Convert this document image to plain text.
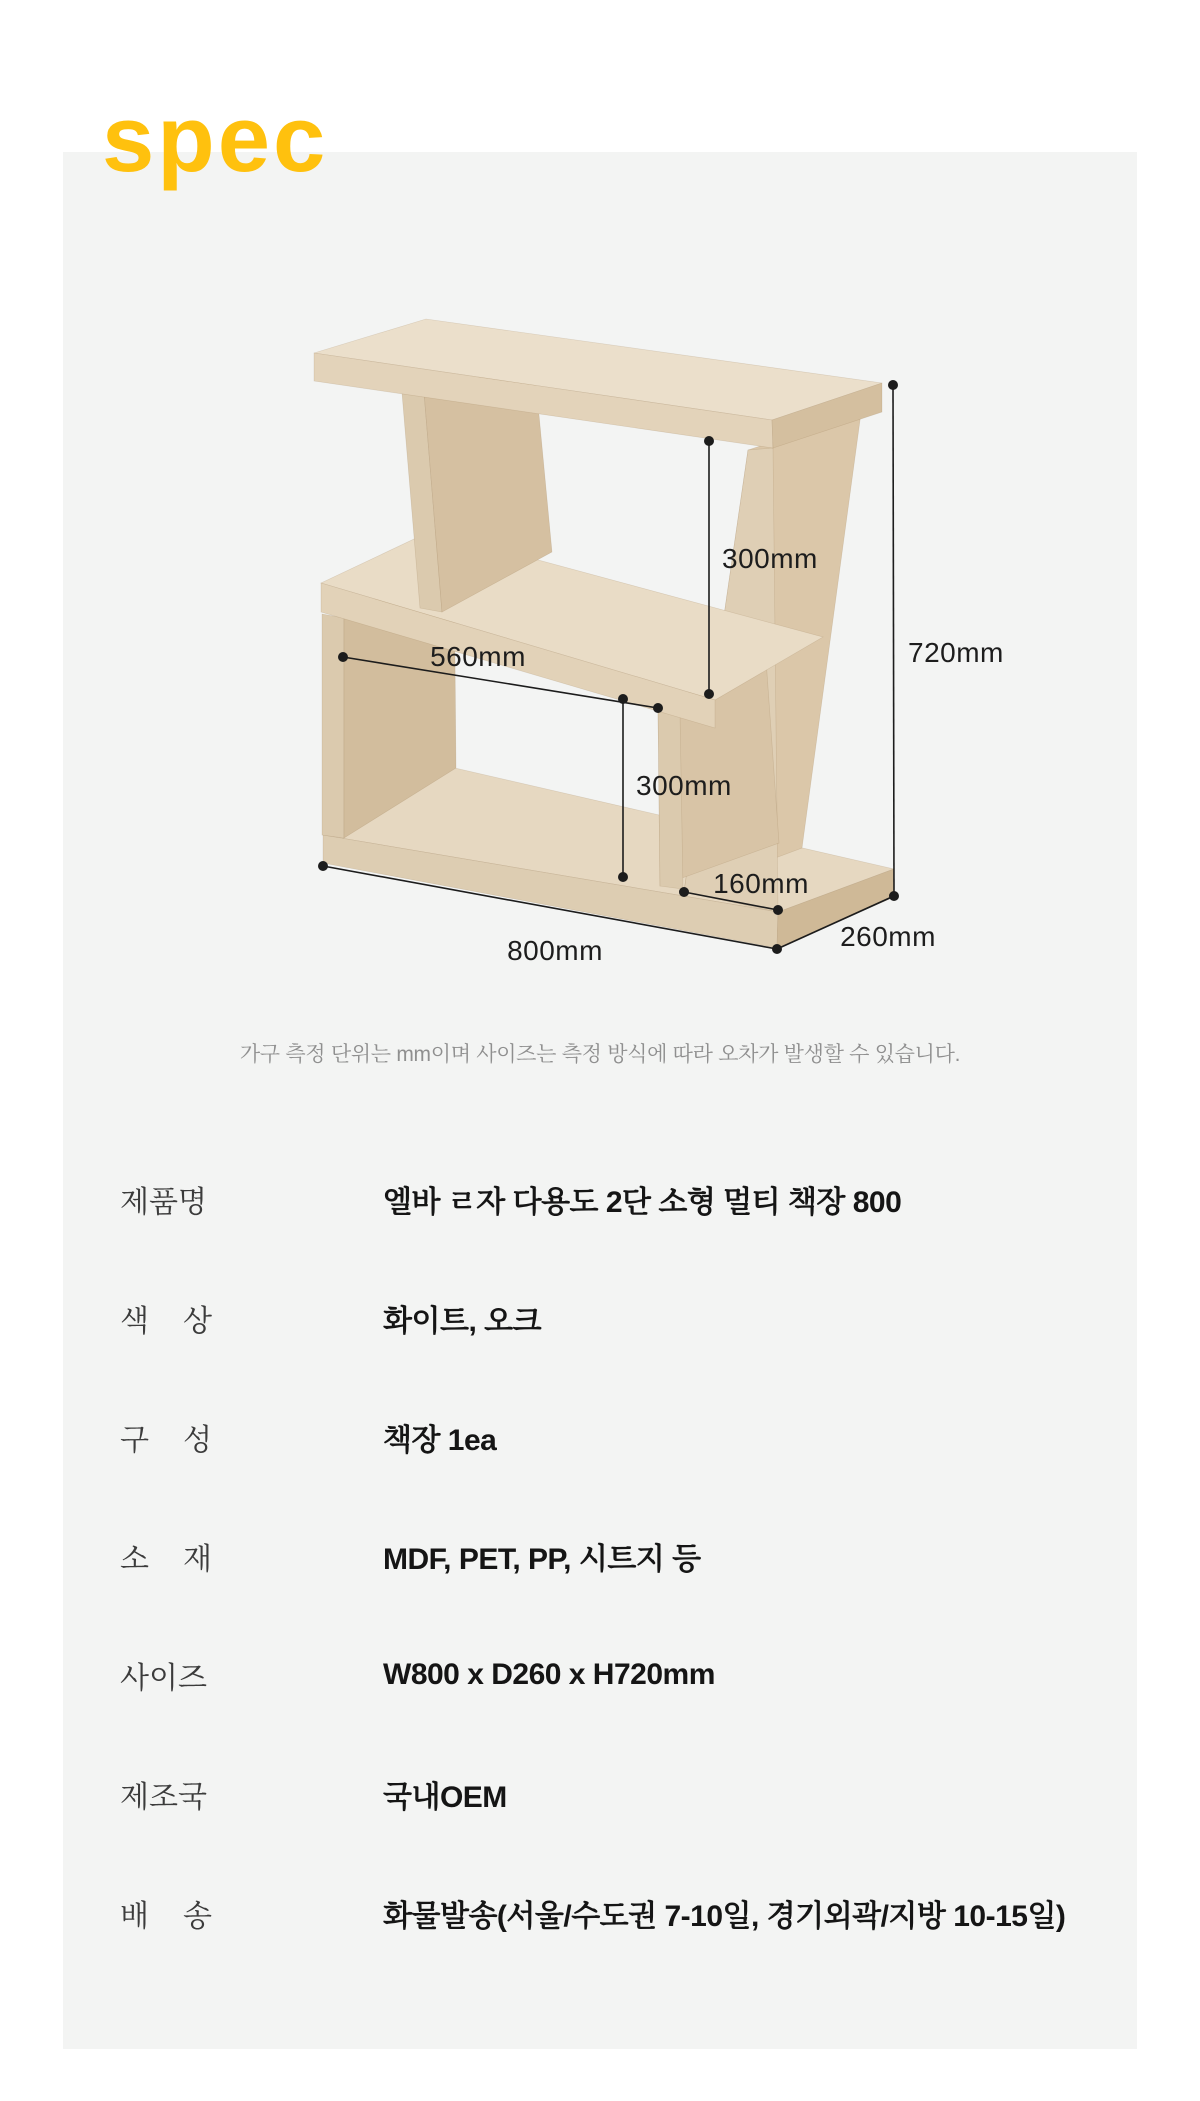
spec
300mm
720mm
560mm
300mm
160mm
800mm	260mm
가구 측정 단위는 mm이며 사이즈는 측정 방식에 따라 오차가 발생할 수 있습니다.
제품명	엘바 ㄹ자 다용도 2단 소형 멀티 책장 800
색 상	화이트, 오크
구 성	책장 1ea
소 재	MDF, PET, PP, 시트지 등
사이즈	W800 x D260 x H720mm
제조국	국내OEM
배 송	화물발송(서울/수도권 7-10일, 경기외곽/지방 10-15일)
